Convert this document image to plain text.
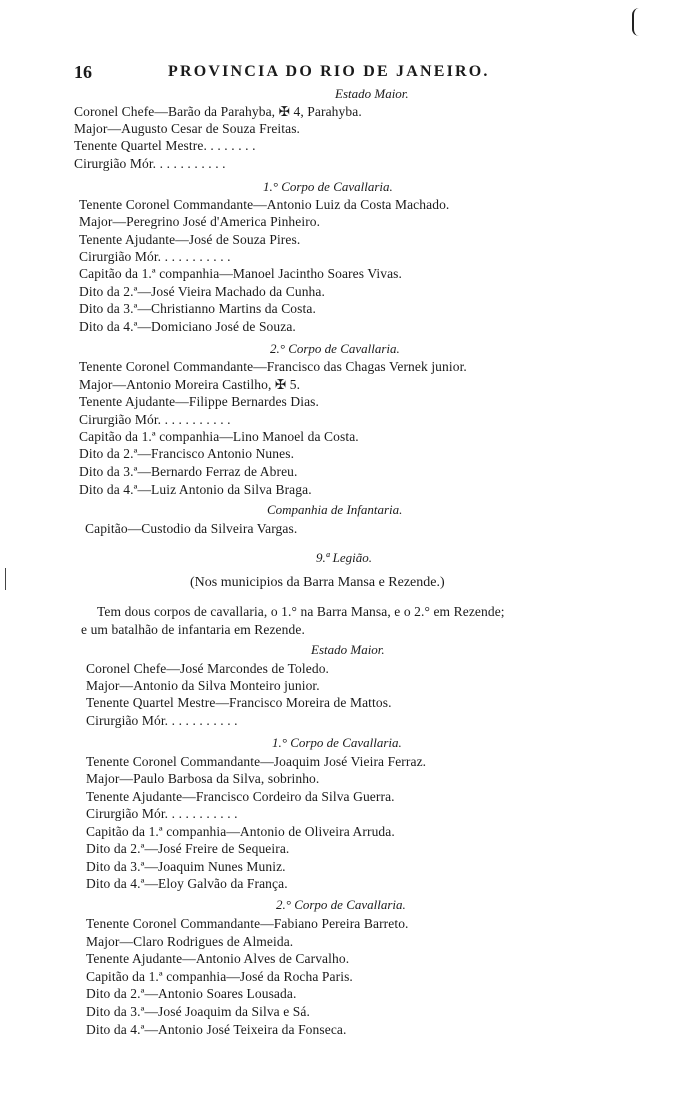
16	PROVINCIA DO RIO DE JANEIRO.
Estado Maior.
Coronel Chefe—Barão da Parahyba, ✠ 4, Parahyba.
Major—Augusto Cesar de Souza Freitas.
Tenente Quartel Mestre. . . . . . . .
Cirurgião Mór. . . . . . . . . . .
1.° Corpo de Cavallaria.
Tenente Coronel Commandante—Antonio Luiz da Costa Machado.
Major—Peregrino José d'America Pinheiro.
Tenente Ajudante—José de Souza Pires.
Cirurgião Mór. . . . . . . . . . .
Capitão da 1.ª companhia—Manoel Jacintho Soares Vivas.
Dito da 2.ª—José Vieira Machado da Cunha.
Dito da 3.ª—Christianno Martins da Costa.
Dito da 4.ª—Domiciano José de Souza.
2.° Corpo de Cavallaria.
Tenente Coronel Commandante—Francisco das Chagas Vernek junior.
Major—Antonio Moreira Castilho, ✠ 5.
Tenente Ajudante—Filippe Bernardes Dias.
Cirurgião Mór. . . . . . . . . . .
Capitão da 1.ª companhia—Lino Manoel da Costa.
Dito da 2.ª—Francisco Antonio Nunes.
Dito da 3.ª—Bernardo Ferraz de Abreu.
Dito da 4.ª—Luiz Antonio da Silva Braga.
Companhia de Infantaria.
Capitão—Custodio da Silveira Vargas.
9.ª Legião.
(Nos municipios da Barra Mansa e Rezende.)
Tem dous corpos de cavallaria, o 1.° na Barra Mansa, e o 2.° em Rezende;
e um batalhão de infantaria em Rezende.
Estado Maior.
Coronel Chefe—José Marcondes de Toledo.
Major—Antonio da Silva Monteiro junior.
Tenente Quartel Mestre—Francisco Moreira de Mattos.
Cirurgião Mór. . . . . . . . . . .
1.° Corpo de Cavallaria.
Tenente Coronel Commandante—Joaquim José Vieira Ferraz.
Major—Paulo Barbosa da Silva, sobrinho.
Tenente Ajudante—Francisco Cordeiro da Silva Guerra.
Cirurgião Mór. . . . . . . . . . .
Capitão da 1.ª companhia—Antonio de Oliveira Arruda.
Dito da 2.ª—José Freire de Sequeira.
Dito da 3.ª—Joaquim Nunes Muniz.
Dito da 4.ª—Eloy Galvão da França.
2.° Corpo de Cavallaria.
Tenente Coronel Commandante—Fabiano Pereira Barreto.
Major—Claro Rodrigues de Almeida.
Tenente Ajudante—Antonio Alves de Carvalho.
Capitão da 1.ª companhia—José da Rocha Paris.
Dito da 2.ª—Antonio Soares Lousada.
Dito da 3.ª—José Joaquim da Silva e Sá.
Dito da 4.ª—Antonio José Teixeira da Fonseca.
